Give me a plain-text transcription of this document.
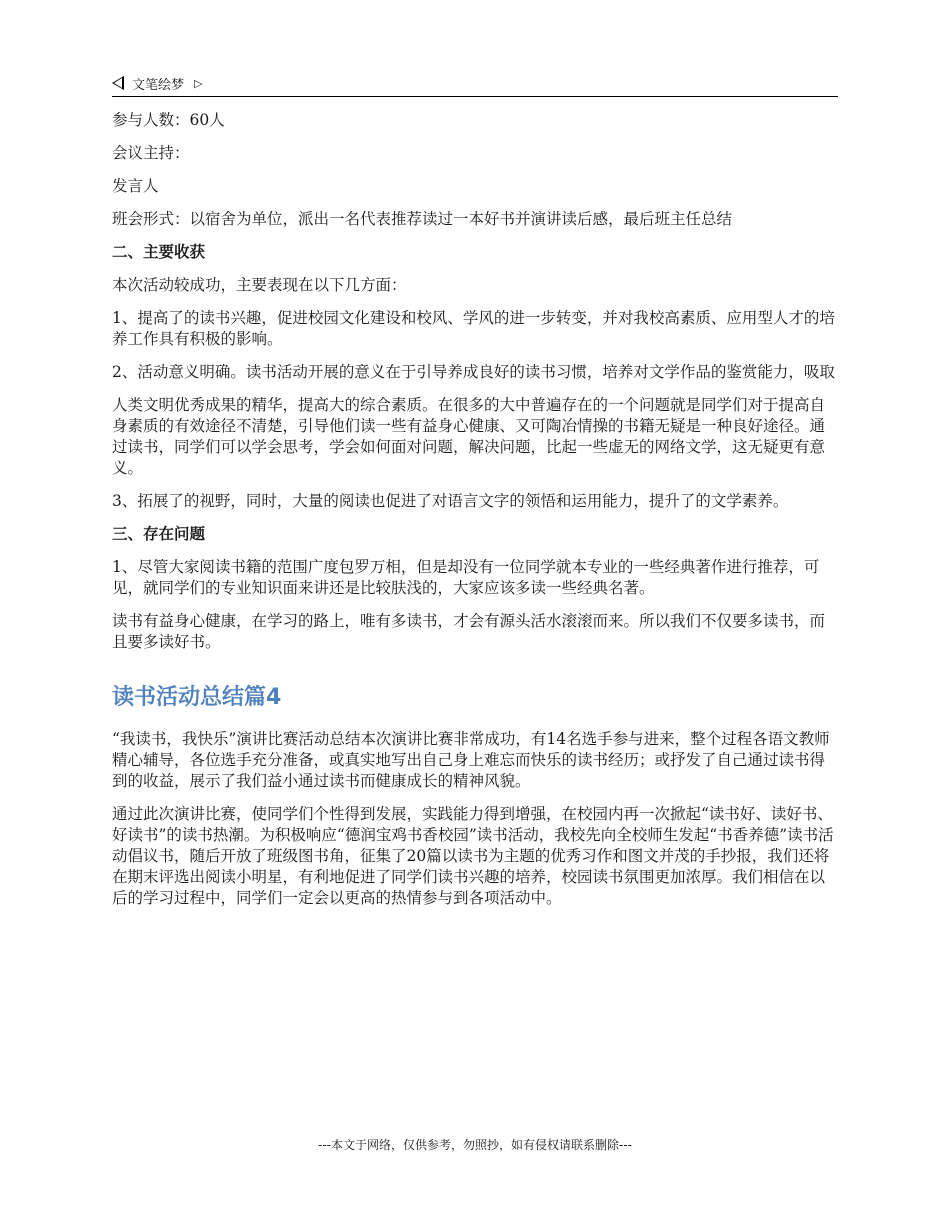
文笔绘梦 ▷

参与人数：60人

会议主持：

发言人

班会形式：以宿舍为单位，派出一名代表推荐读过一本好书并演讲读后感，最后班主任总结

二、主要收获

本次活动较成功，主要表现在以下几方面：

1、提高了的读书兴趣，促进校园文化建设和校风、学风的进一步转变，并对我校高素质、应用型人才的培养工作具有积极的影响。

2、活动意义明确。读书活动开展的意义在于引导养成良好的读书习惯，培养对文学作品的鉴赏能力，吸取

人类文明优秀成果的精华，提高大的综合素质。在很多的大中普遍存在的一个问题就是同学们对于提高自身素质的有效途径不清楚，引导他们读一些有益身心健康、又可陶冶情操的书籍无疑是一种良好途径。通过读书，同学们可以学会思考，学会如何面对问题，解决问题，比起一些虚无的网络文学，这无疑更有意义。

3、拓展了的视野，同时，大量的阅读也促进了对语言文字的领悟和运用能力，提升了的文学素养。

三、存在问题

1、尽管大家阅读书籍的范围广度包罗万相，但是却没有一位同学就本专业的一些经典著作进行推荐，可见，就同学们的专业知识面来讲还是比较肤浅的，大家应该多读一些经典名著。

读书有益身心健康，在学习的路上，唯有多读书，才会有源头活水滚滚而来。所以我们不仅要多读书，而且要多读好书。

读书活动总结篇4

“我读书，我快乐”演讲比赛活动总结本次演讲比赛非常成功，有14名选手参与进来，整个过程各语文教师精心辅导，各位选手充分准备，或真实地写出自己身上难忘而快乐的读书经历；或抒发了自己通过读书得到的收益，展示了我们益小通过读书而健康成长的精神风貌。

通过此次演讲比赛，使同学们个性得到发展，实践能力得到增强，在校园内再一次掀起“读书好、读好书、好读书”的读书热潮。为积极响应“德润宝鸡书香校园”读书活动，我校先向全校师生发起“书香养德”读书活动倡议书，随后开放了班级图书角，征集了20篇以读书为主题的优秀习作和图文并茂的手抄报，我们还将在期末评选出阅读小明星，有利地促进了同学们读书兴趣的培养，校园读书氛围更加浓厚。我们相信在以后的学习过程中，同学们一定会以更高的热情参与到各项活动中。

---本文于网络，仅供参考，勿照抄，如有侵权请联系删除---
